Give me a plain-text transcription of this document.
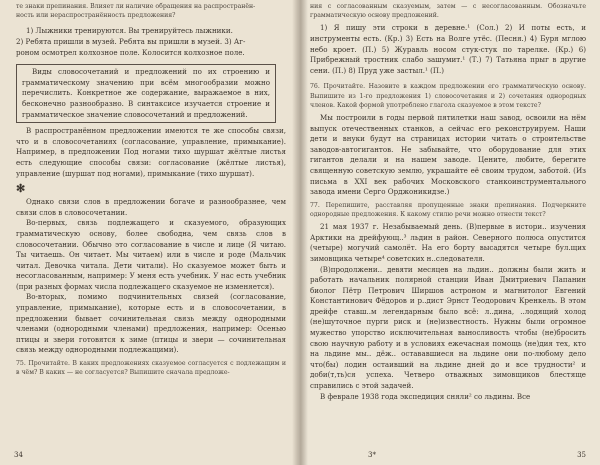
те знаки препинания. Влияет ли наличие обращения на распространён-
ность или нераспространённость предложения?

1) Лыжники тренируются. Вы тренируйтесь лыжники.
2) Ребята пришли в музей. Ребята вы пришли в музей. 3) Аг-
роном осмотрел колхозное поле. Колосится колхозное поле.

Виды словосочетаний и предложений по их строению и грамматическому значению при всём многообразии можно перечислить. Конкретное же содержание, выражаемое в них, бесконечно разнообразно. В синтаксисе изучается строение и грамматическое значение словосочетаний и предложений.

В распространённом предложении имеются те же способы связи, что и в словосочетаниях (согласование, управление, примыкание). Например, в предложении Под ногами тихо шуршат жёлтые листья есть следующие способы связи: согласование (жёлтые листья), управление (шуршат под ногами), примыкание (тихо шуршат).

✻

Однако связи слов в предложении богаче и разнообразнее, чем связи слов в словосочетании.

Во-первых, связь подлежащего и сказуемого, образующих грамматическую основу, более свободна, чем связь слов в словосочетании. Обычно это согласование в числе и лице (Я читаю. Ты читаешь. Он читает. Мы читаем) или в числе и роде (Мальчик читал. Девочка читала. Дети читали). Но сказуемое может быть и несогласованным, например: У меня есть учебник. У нас есть учебник (при разных формах числа подлежащего сказуемое не изменяется).

Во-вторых, помимо подчинительных связей (согласование, управление, примыкание), которые есть и в словосочетании, в предложении бывает сочинительная связь между однородными членами (однородными членами) предложения, например: Осенью птицы и звери готовятся к зиме (птицы и звери — сочинительная связь между однородными подлежащими).

75. Прочитайте. В каких предложениях сказуемое согласуется с подлежащим и в чём? В каких — не согласуется? Выпишите сначала предложе-

34

ния с согласованным сказуемым, затем — с несогласованным. Обозначьте грамматическую основу предложений.

1) Я пишу эти строки в деревне.¹ (Сол.) 2) И поты есть, и инструменты есть. (Кр.) 3) Есть на Волге утёс. (Песня.) 4) Буря мглою небо кроет. (П.) 5) Журавль носом стук-стук по тарелке. (Кр.) 6) Прибрежный тростник слабо зашумит.¹ (Т.) 7) Татьяна прыг в другие сени. (П.) 8) Пруд уже застыл.¹ (П.)

76. Прочитайте. Назовите в каждом предложении его грамматическую основу. Выпишите из 1-го предложения 1) словосочетания и 2) сочетания однородных членов. Какой формой употреблено глагола сказуемое в этом тексте?

Мы построили в годы первой пятилетки наш завод, освоили на нём выпуск отечественных станков, а сейчас его реконструируем. Наши дети и внуки будут на страницах истории читать о строительстве заводов-автогигантов. Не забывайте, что оборудование для этих гигантов делали и на нашем заводе. Цените, любите, берегите священную советскую землю, украшайте её своим трудом, заботой. (Из письма в XXI век рабочих Московского станкоинструментального завода имени Серго Орджоникидзе.)

77. Перепишите, расставляя пропущенные знаки препинания. Подчеркните однородные предложения. К какому стилю речи можно отнести текст?

21 мая 1937 г. Незабываемый день. (В)первые в истори.. изучения Арктики на дрейфующ..³ льдин в район. Северного полюса опустится (четыре) могучий самолёт. На его борту высадятся четыре бул.щих зимовщика четыре⁴ советских н..следователя.

(В)продолжени.. девяти месяцев на льдин.. должны были жить и работать начальник полярной станции Иван Дмитриевич Папанин биолог Пётр Петрович Ширшов астроном и магнитолог Евгений Константинович Фёдоров и р..дист Эрнст Теодорович Кренкель. В этом дрейфе ставш..м легендарным было всё: л..дина, ..лодящий холод (не)шуточное пурги риск и (не)известность. Нужны были огромное мужество упорство исключительная выносливость чтобы (не)бросить свою научную работу и в условиях ежечасная помощь (не)дия тех, кто на льдине мы.. дёж.. остававшиеся на льдине они по-любому дело что(бы) лодин остаивший на льдине дней до и все трудности² и доби(т,ть)ся успеха. Четверо отважных зимовщиков блестяще справились с этой задачей.

В феврале 1938 года экспедиция сняли² со льдины. Все

3*	35
